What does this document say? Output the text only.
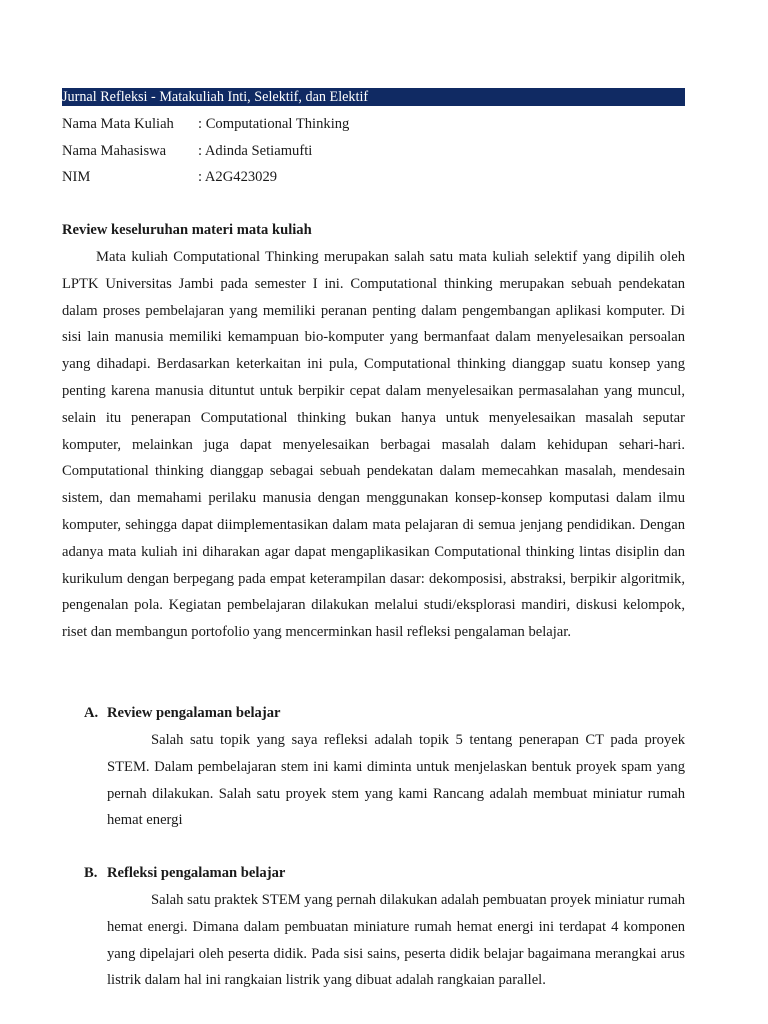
Jurnal Refleksi - Matakuliah Inti, Selektif, dan Elektif
Nama Mata Kuliah : Computational Thinking
Nama Mahasiswa : Adinda Setiamufti
NIM	: A2G423029
Review keseluruhan materi mata kuliah

Mata kuliah Computational Thinking merupakan salah satu mata kuliah selektif yang dipilih oleh LPTK Universitas Jambi pada semester I ini. Computational thinking merupakan sebuah pendekatan dalam proses pembelajaran yang memiliki peranan penting dalam pengembangan aplikasi komputer. Di sisi lain manusia memiliki kemampuan bio-komputer yang bermanfaat dalam menyelesaikan persoalan yang dihadapi. Berdasarkan keterkaitan ini pula, Computational thinking dianggap suatu konsep yang penting karena manusia dituntut untuk berpikir cepat dalam menyelesaikan permasalahan yang muncul, selain itu penerapan Computational thinking bukan hanya untuk menyelesaikan masalah seputar komputer, melainkan juga dapat menyelesaikan berbagai masalah dalam kehidupan sehari-hari. Computational thinking dianggap sebagai sebuah pendekatan dalam memecahkan masalah, mendesain sistem, dan memahami perilaku manusia dengan menggunakan konsep-konsep komputasi dalam ilmu komputer, sehingga dapat diimplementasikan dalam mata pelajaran di semua jenjang pendidikan. Dengan adanya mata kuliah ini diharakan agar dapat mengaplikasikan Computational thinking lintas disiplin dan kurikulum dengan berpegang pada empat keterampilan dasar: dekomposisi, abstraksi, berpikir algoritmik, pengenalan pola. Kegiatan pembelajaran dilakukan melalui studi/eksplorasi mandiri, diskusi kelompok, riset dan membangun portofolio yang mencerminkan hasil refleksi pengalaman belajar.

A. Review pengalaman belajar

Salah satu topik yang saya refleksi adalah topik 5 tentang penerapan CT pada proyek STEM. Dalam pembelajaran stem ini kami diminta untuk menjelaskan bentuk proyek spam yang pernah dilakukan. Salah satu proyek stem yang kami Rancang adalah membuat miniatur rumah hemat energi

B. Refleksi pengalaman belajar

Salah satu praktek STEM yang pernah dilakukan adalah pembuatan proyek miniatur rumah hemat energi. Dimana dalam pembuatan miniature rumah hemat energi ini terdapat 4 komponen yang dipelajari oleh peserta didik. Pada sisi sains, peserta didik belajar bagaimana merangkai arus listrik dalam hal ini rangkaian listrik yang dibuat adalah rangkaian parallel.
